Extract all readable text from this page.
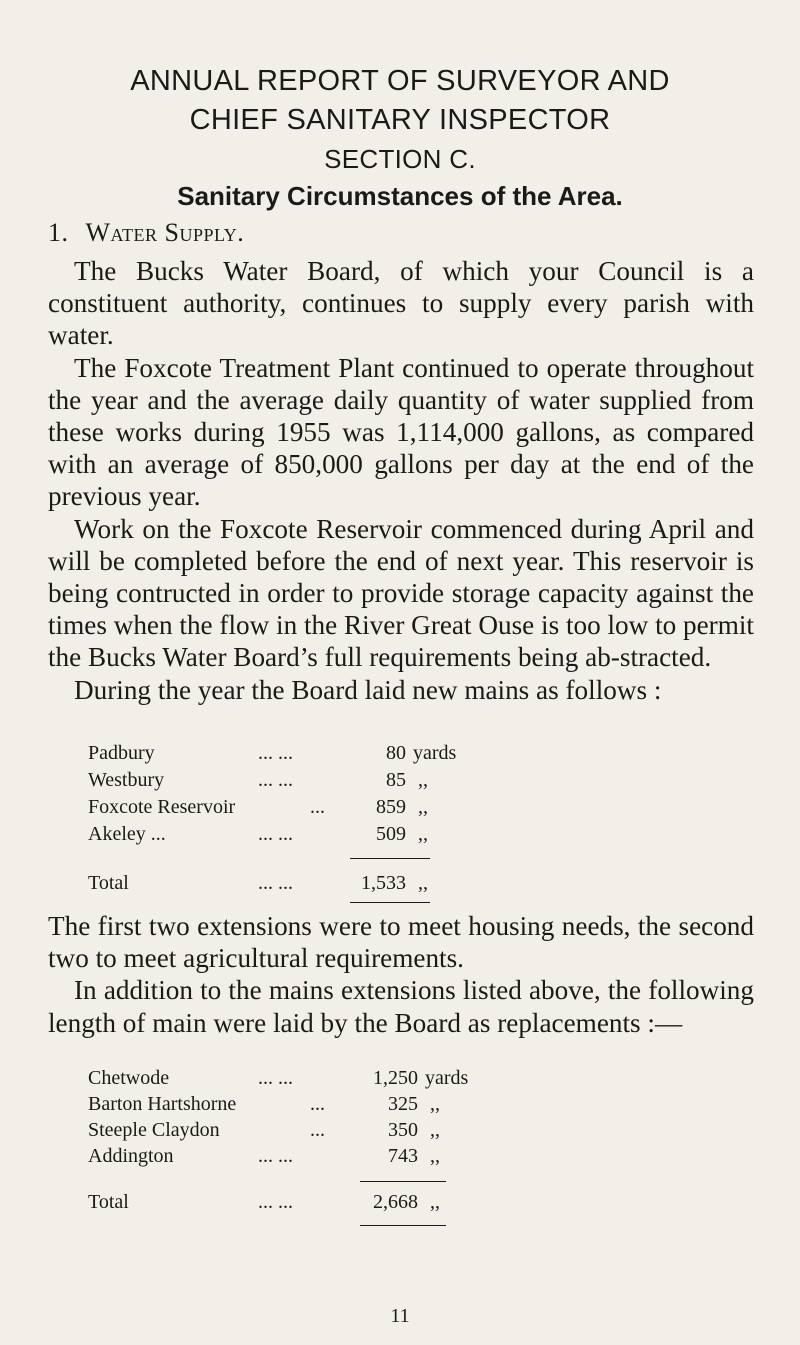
ANNUAL REPORT OF SURVEYOR AND
CHIEF SANITARY INSPECTOR
SECTION C.
Sanitary Circumstances of the Area.
1. Water Supply.

The Bucks Water Board, of which your Council is a constituent authority, continues to supply every parish with water.

The Foxcote Treatment Plant continued to operate throughout the year and the average daily quantity of water supplied from these works during 1955 was 1,114,000 gallons, as compared with an average of 850,000 gallons per day at the end of the previous year.

Work on the Foxcote Reservoir commenced during April and will be completed before the end of next year. This reservoir is being contructed in order to provide storage capacity against the times when the flow in the River Great Ouse is too low to permit the Bucks Water Board’s full requirements being ab-stracted.

During the year the Board laid new mains as follows :

Padbury	... ...	80 yards
Westbury	... ...	85 ,,
Foxcote Reservoir	...	859 ,,
Akeley ...	... ...	509 ,,
Total	... ...	1,533 ,,

The first two extensions were to meet housing needs, the second two to meet agricultural requirements.

In addition to the mains extensions listed above, the following length of main were laid by the Board as replacements :—

Chetwode	... ...	1,250 yards
Barton Hartshorne	...	325 ,,
Steeple Claydon	...	350 ,,
Addington	... ...	743 ,,
Total	... ...	2,668 ,,
11
